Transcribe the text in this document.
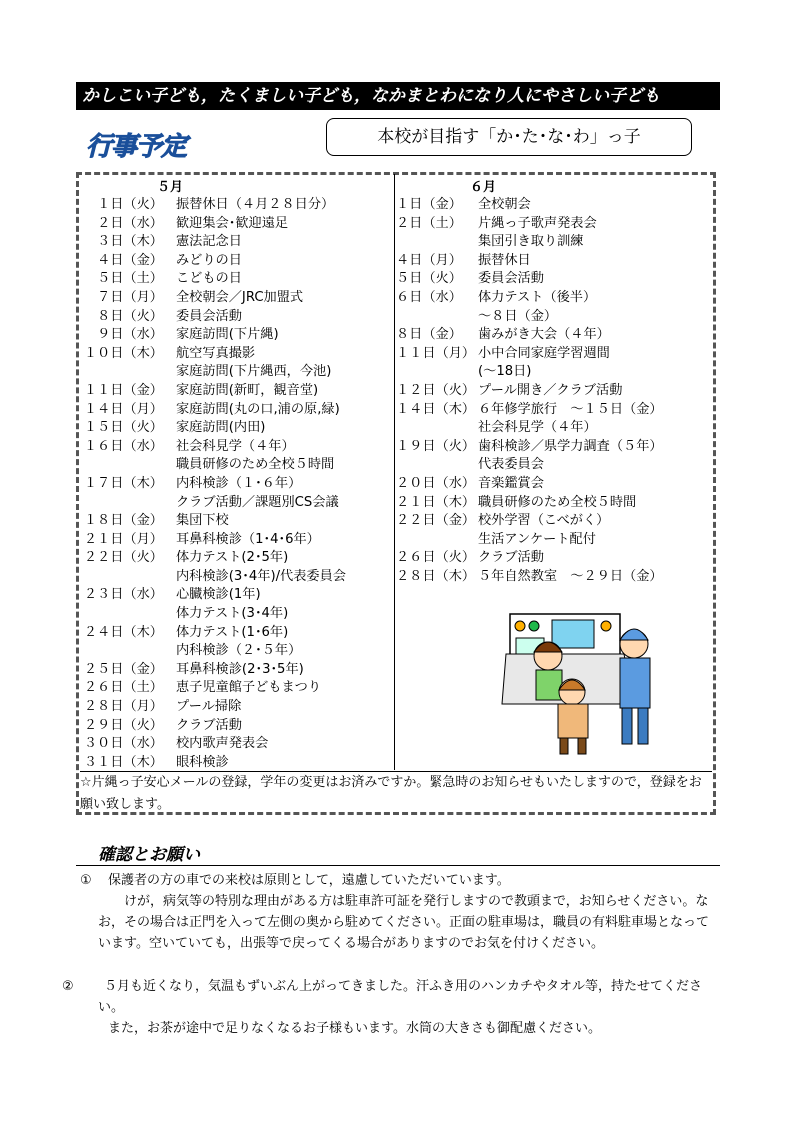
かしこい子ども，たくましい子ども，なかまとわになり人にやさしい子ども
行事予定	本校が目指す「か･た･な･わ」っ子
５月	６月
１日（火） 振替休日（４月２８日分）
２日（水） 歓迎集会･歓迎遠足
３日（木） 憲法記念日
４日（金） みどりの日
５日（土） こどもの日
７日（月） 全校朝会／JRC加盟式
８日（火） 委員会活動
９日（水） 家庭訪問(下片縄)
１０日（木） 航空写真撮影
家庭訪問(下片縄西，今池)
１１日（金） 家庭訪問(新町，観音堂)
１４日（月） 家庭訪問(丸の口,浦の原,緑)
１５日（火） 家庭訪問(内田)
１６日（水） 社会科見学（４年）
職員研修のため全校５時間
１７日（木） 内科検診（１･６年）
クラブ活動／課題別CS会議
１８日（金） 集団下校
２１日（月） 耳鼻科検診（1･4･6年）
２２日（火） 体力テスト(2･5年)
内科検診(3･4年)/代表委員会
２３日（水） 心臓検診(1年)
体力テスト(3･4年)
２４日（木） 体力テスト(1･6年)
内科検診（２･５年）
２５日（金） 耳鼻科検診(2･3･5年)
２６日（土） 恵子児童館子どもまつり
２８日（月） プール掃除
２９日（火） クラブ活動
３０日（水） 校内歌声発表会
３１日（木） 眼科検診
１日（金）	全校朝会
２日（土）	片縄っ子歌声発表会
集団引き取り訓練
４日（月）	振替休日
５日（火）	委員会活動
６日（水）	体力テスト（後半）
～８日（金）
８日（金）	歯みがき大会（４年）
１１日（月） 小中合同家庭学習週間
(～18日)
１２日（火） プール開き／クラブ活動
１４日（木） ６年修学旅行　～１５日（金）
社会科見学（４年）
１９日（火） 歯科検診／県学力調査（５年）
代表委員会
２０日（水） 音楽鑑賞会
２１日（木） 職員研修のため全校５時間
２２日（金） 校外学習（こべがく）
生活アンケート配付
２６日（火） クラブ活動
２８日（木） ５年自然教室　～２９日（金）
☆片縄っ子安心メールの登録，学年の変更はお済みですか。緊急時のお知らせもいたしますので，登録をお願い致します。
確認とお願い
① 保護者の方の車での来校は原則として，遠慮していただいています。
けが，病気等の特別な理由がある方は駐車許可証を発行しますので教頭まで，お知らせください。なお，その場合は正門を入って左側の奥から駐めてください。正面の駐車場は，職員の有料駐車場となっています。空いていても，出張等で戻ってくる場合がありますのでお気を付けください。
② ５月も近くなり，気温もずいぶん上がってきました。汗ふき用のハンカチやタオル等，持たせてください。
また，お茶が途中で足りなくなるお子様もいます。水筒の大きさも御配慮ください。
